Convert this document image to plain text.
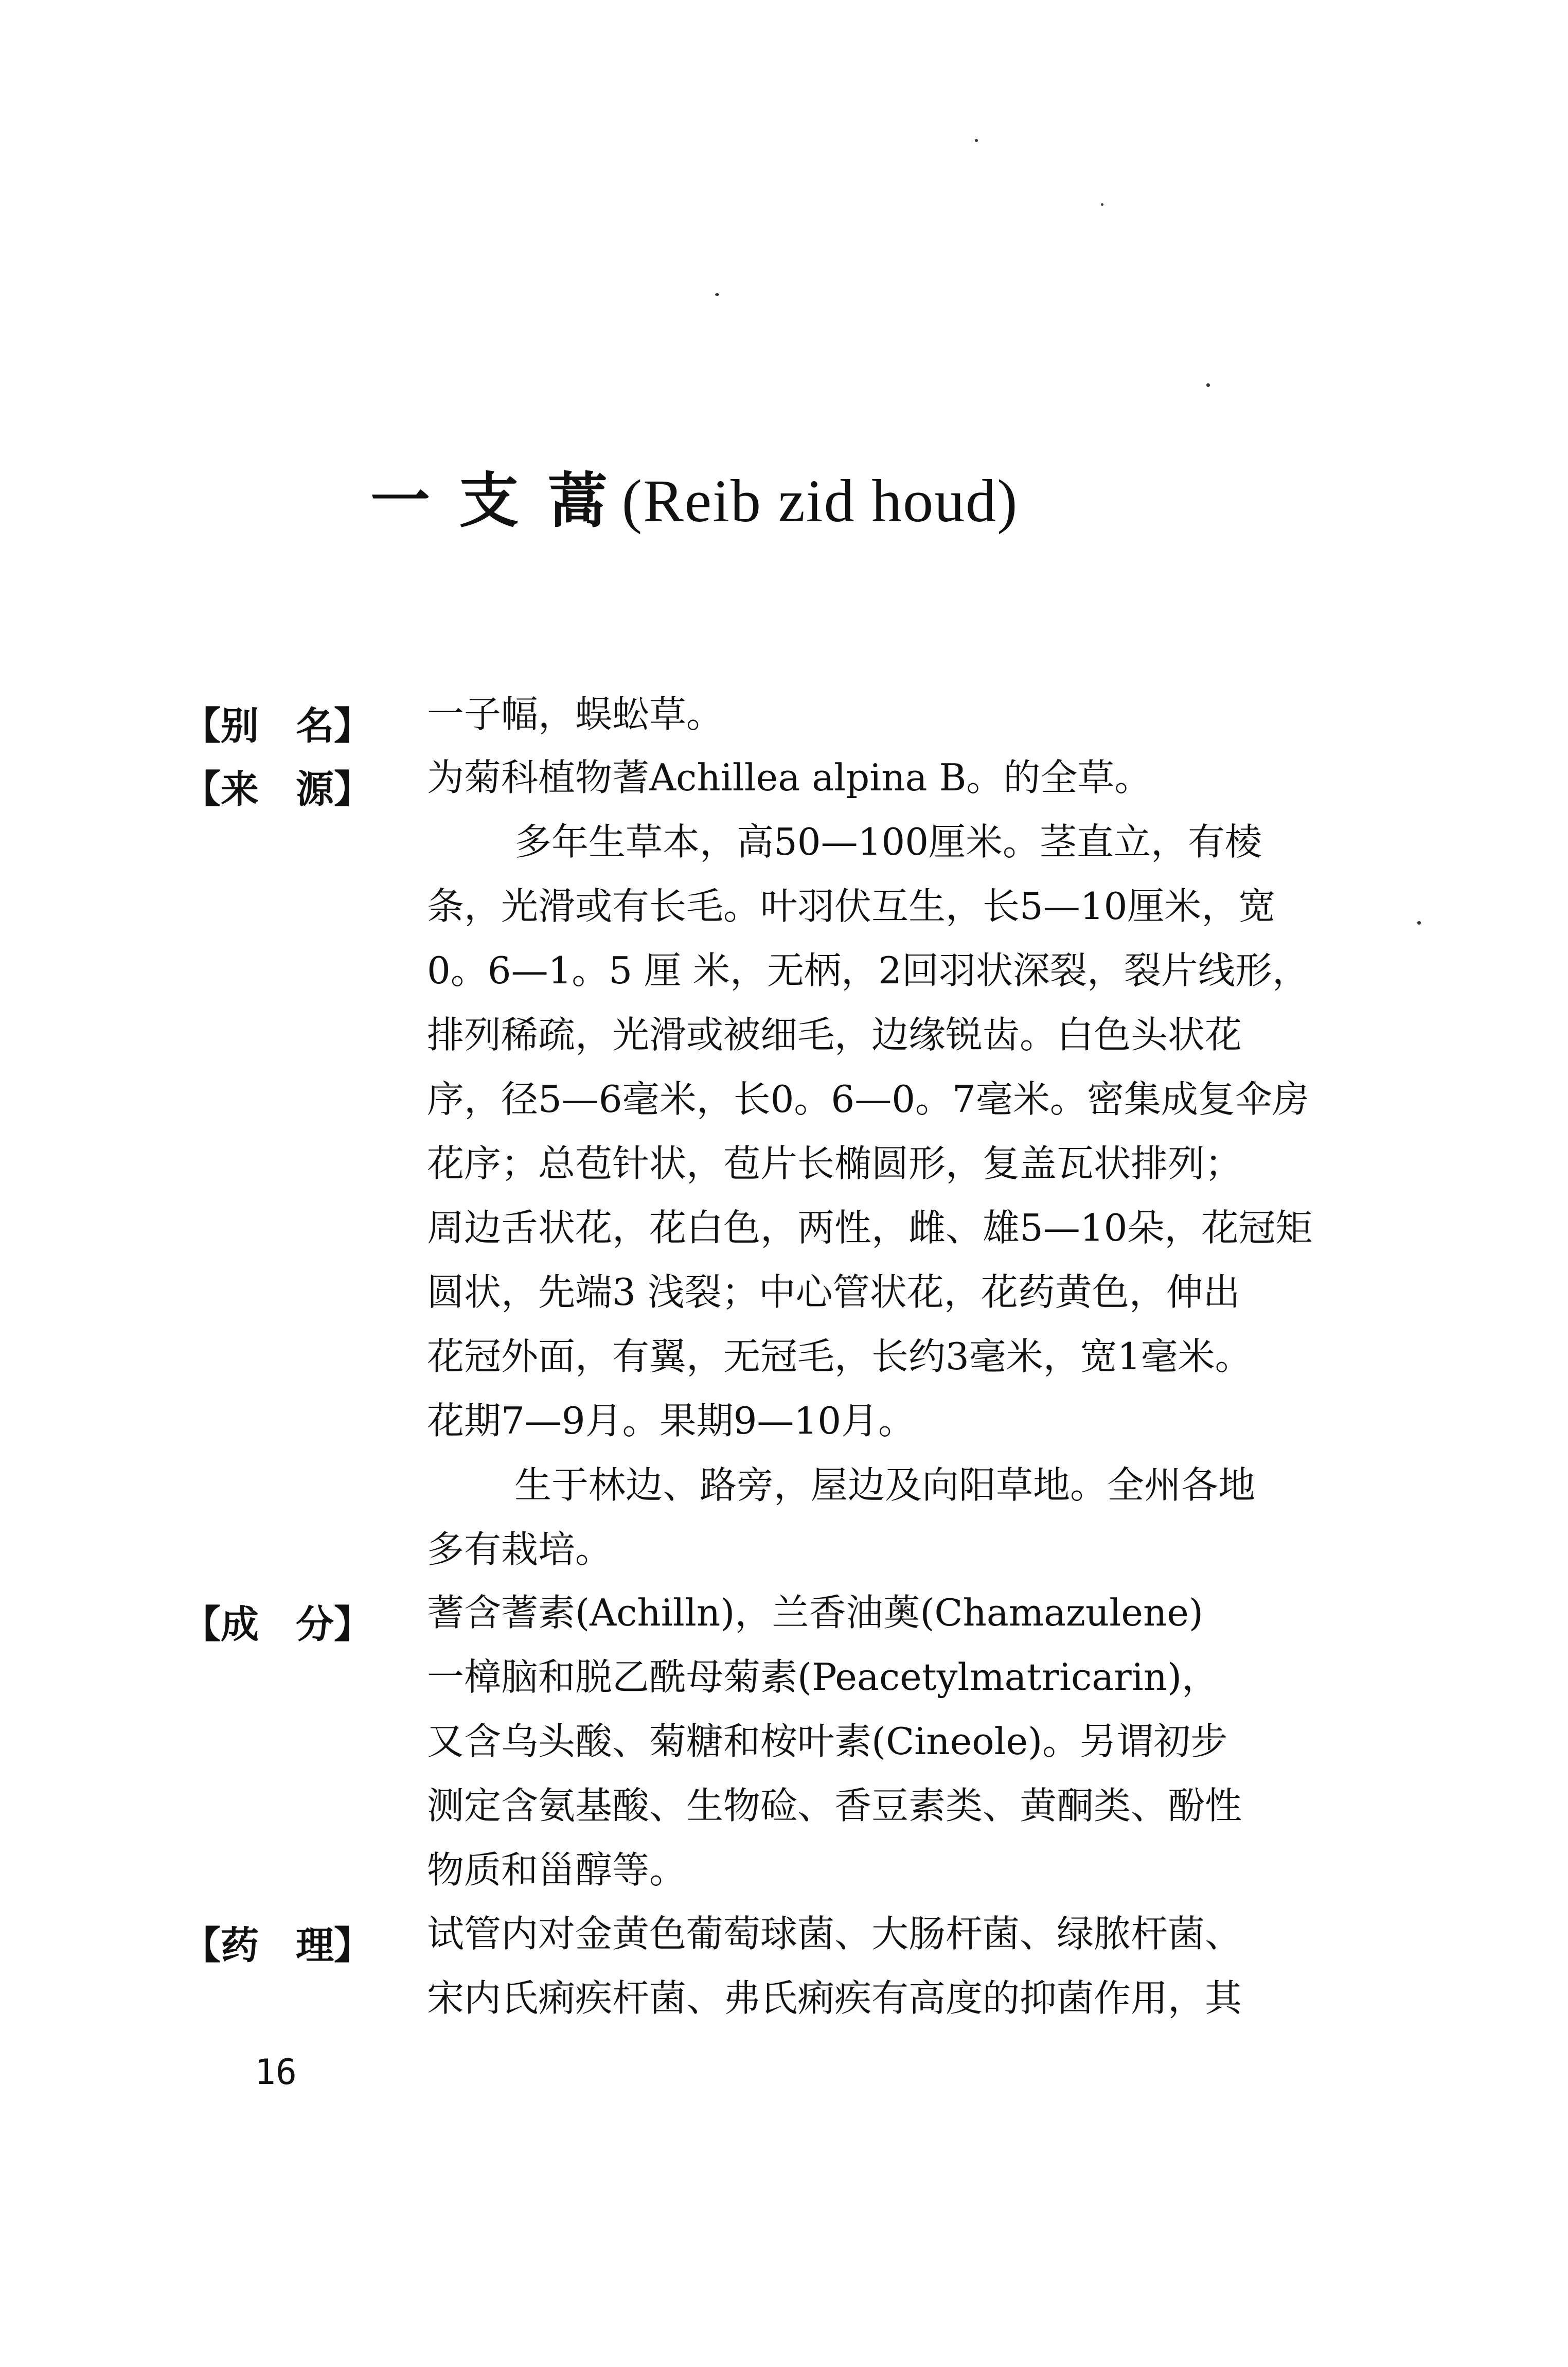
一 支 蒿 (Reib zid houd)
【别 名】 一子幅，蜈蚣草。
【来 源】 为菊科植物蓍Achillea alpina B。的全草。
多年生草本，高50—100厘米。茎直立，有棱
条，光滑或有长毛。叶羽伏互生，长5—10厘米，宽
0。6—1。5 厘 米，无柄，2回羽状深裂，裂片线形，
排列稀疏，光滑或被细毛，边缘锐齿。白色头状花
序，径5—6毫米，长0。6—0。7毫米。密集成复伞房
花序；总苞针状，苞片长椭圆形，复盖瓦状排列；
周边舌状花，花白色，两性，雌、雄5—10朵，花冠矩
圆状，先端3 浅裂；中心管状花，花药黄色，伸出
花冠外面，有翼，无冠毛，长约3毫米，宽1毫米。
花期7—9月。果期9—10月。
生于林边、路旁，屋边及向阳草地。全州各地
多有栽培。
【成 分】 蓍含蓍素(Achilln)，兰香油薁(Chamazulene)
一樟脑和脱乙酰母菊素(Peacetylmatricarin)，
又含乌头酸、菊糖和桉叶素(Cineole)。另谓初步
测定含氨基酸、生物硷、香豆素类、黄酮类、酚性
物质和甾醇等。
【药 理】 试管内对金黄色葡萄球菌、大肠杆菌、绿脓杆菌、
宋内氏痢疾杆菌、弗氏痢疾有高度的抑菌作用，其
16
